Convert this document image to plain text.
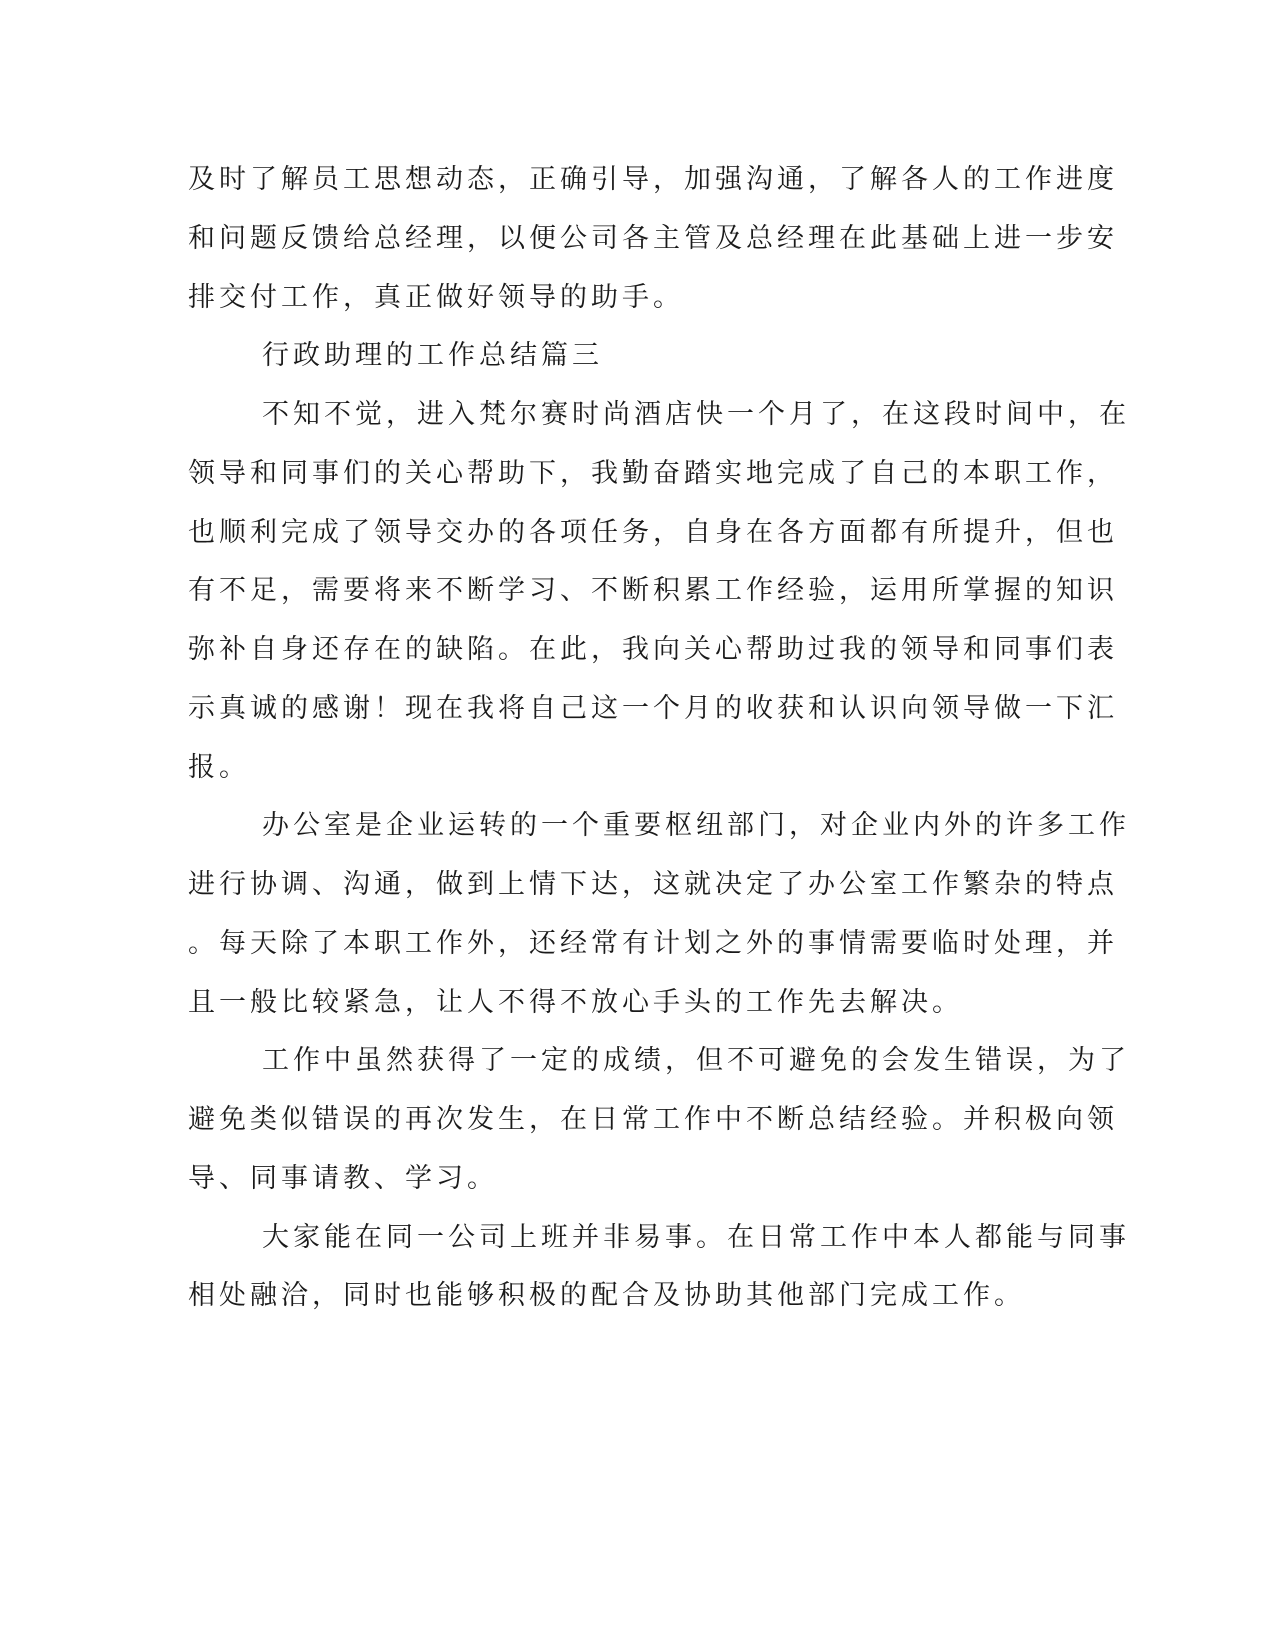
及时了解员工思想动态，正确引导，加强沟通，了解各人的工作进度
和问题反馈给总经理，以便公司各主管及总经理在此基础上进一步安
排交付工作，真正做好领导的助手。
行政助理的工作总结篇三
不知不觉，进入梵尔赛时尚酒店快一个月了，在这段时间中，在
领导和同事们的关心帮助下，我勤奋踏实地完成了自己的本职工作，
也顺利完成了领导交办的各项任务，自身在各方面都有所提升，但也
有不足，需要将来不断学习、不断积累工作经验，运用所掌握的知识
弥补自身还存在的缺陷。在此，我向关心帮助过我的领导和同事们表
示真诚的感谢！现在我将自己这一个月的收获和认识向领导做一下汇
报。
办公室是企业运转的一个重要枢纽部门，对企业内外的许多工作
进行协调、沟通，做到上情下达，这就决定了办公室工作繁杂的特点
。每天除了本职工作外，还经常有计划之外的事情需要临时处理，并
且一般比较紧急，让人不得不放心手头的工作先去解决。
工作中虽然获得了一定的成绩，但不可避免的会发生错误，为了
避免类似错误的再次发生，在日常工作中不断总结经验。并积极向领
导、同事请教、学习。
大家能在同一公司上班并非易事。在日常工作中本人都能与同事
相处融洽，同时也能够积极的配合及协助其他部门完成工作。
